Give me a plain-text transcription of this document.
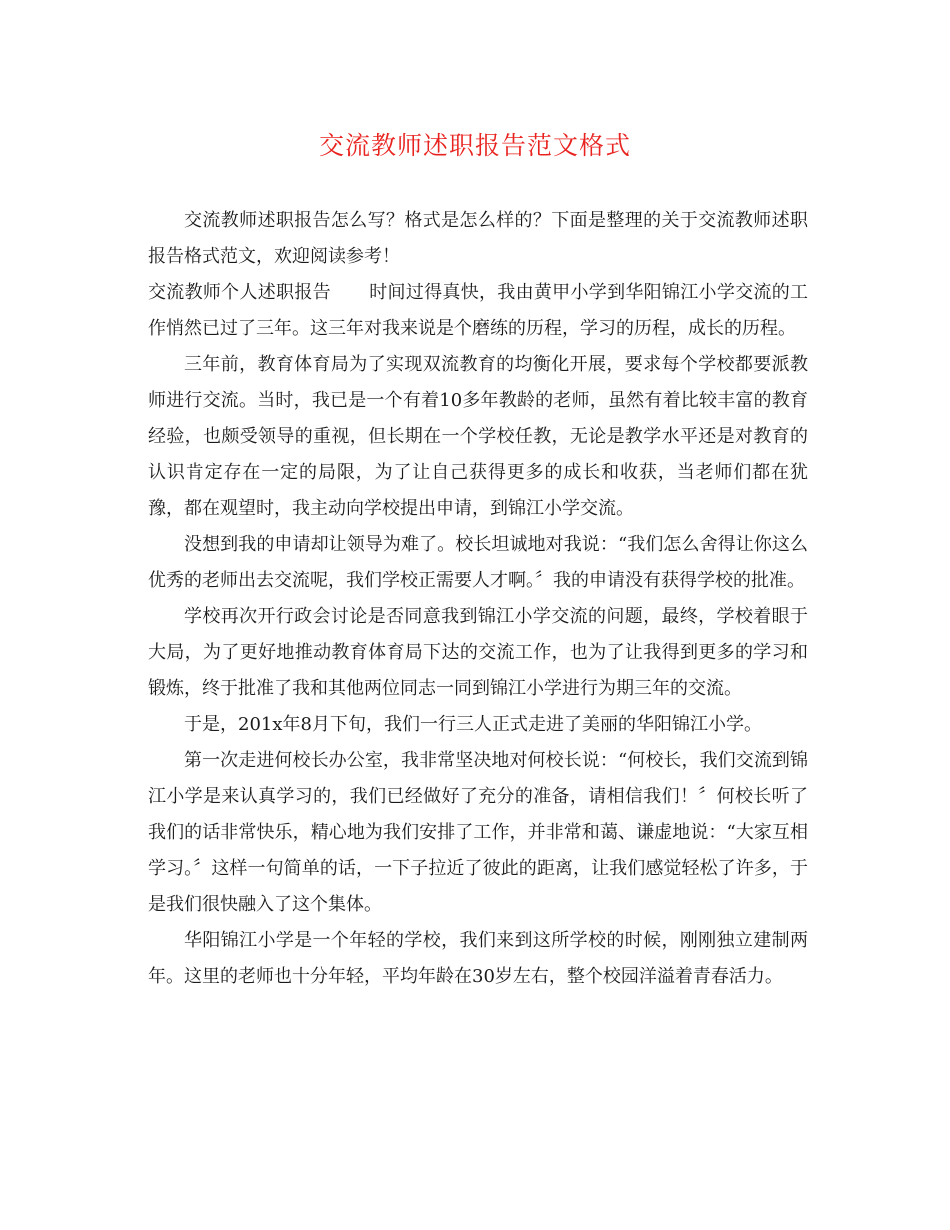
交流教师述职报告范文格式

交流教师述职报告怎么写？格式是怎么样的？下面是整理的关于交流教师述职报告格式范文，欢迎阅读参考！

交流教师个人述职报告 时间过得真快，我由黄甲小学到华阳锦江小学交流的工作悄然已过了三年。这三年对我来说是个磨练的历程，学习的历程，成长的历程。

三年前，教育体育局为了实现双流教育的均衡化开展，要求每个学校都要派教师进行交流。当时，我已是一个有着10多年教龄的老师，虽然有着比较丰富的教育经验，也颇受领导的重视，但长期在一个学校任教，无论是教学水平还是对教育的认识肯定存在一定的局限，为了让自己获得更多的成长和收获，当老师们都在犹豫，都在观望时，我主动向学校提出申请，到锦江小学交流。

没想到我的申请却让领导为难了。校长坦诚地对我说：“我们怎么舍得让你这么优秀的老师出去交流呢，我们学校正需要人才啊。〞我的申请没有获得学校的批准。

学校再次开行政会讨论是否同意我到锦江小学交流的问题，最终，学校着眼于大局，为了更好地推动教育体育局下达的交流工作，也为了让我得到更多的学习和锻炼，终于批准了我和其他两位同志一同到锦江小学进行为期三年的交流。

于是，201x年8月下旬，我们一行三人正式走进了美丽的华阳锦江小学。

第一次走进何校长办公室，我非常坚决地对何校长说：“何校长，我们交流到锦江小学是来认真学习的，我们已经做好了充分的准备，请相信我们！〞何校长听了我们的话非常快乐，精心地为我们安排了工作，并非常和蔼、谦虚地说：“大家互相学习。〞这样一句简单的话，一下子拉近了彼此的距离，让我们感觉轻松了许多，于是我们很快融入了这个集体。

华阳锦江小学是一个年轻的学校，我们来到这所学校的时候，刚刚独立建制两年。这里的老师也十分年轻，平均年龄在30岁左右，整个校园洋溢着青春活力。
